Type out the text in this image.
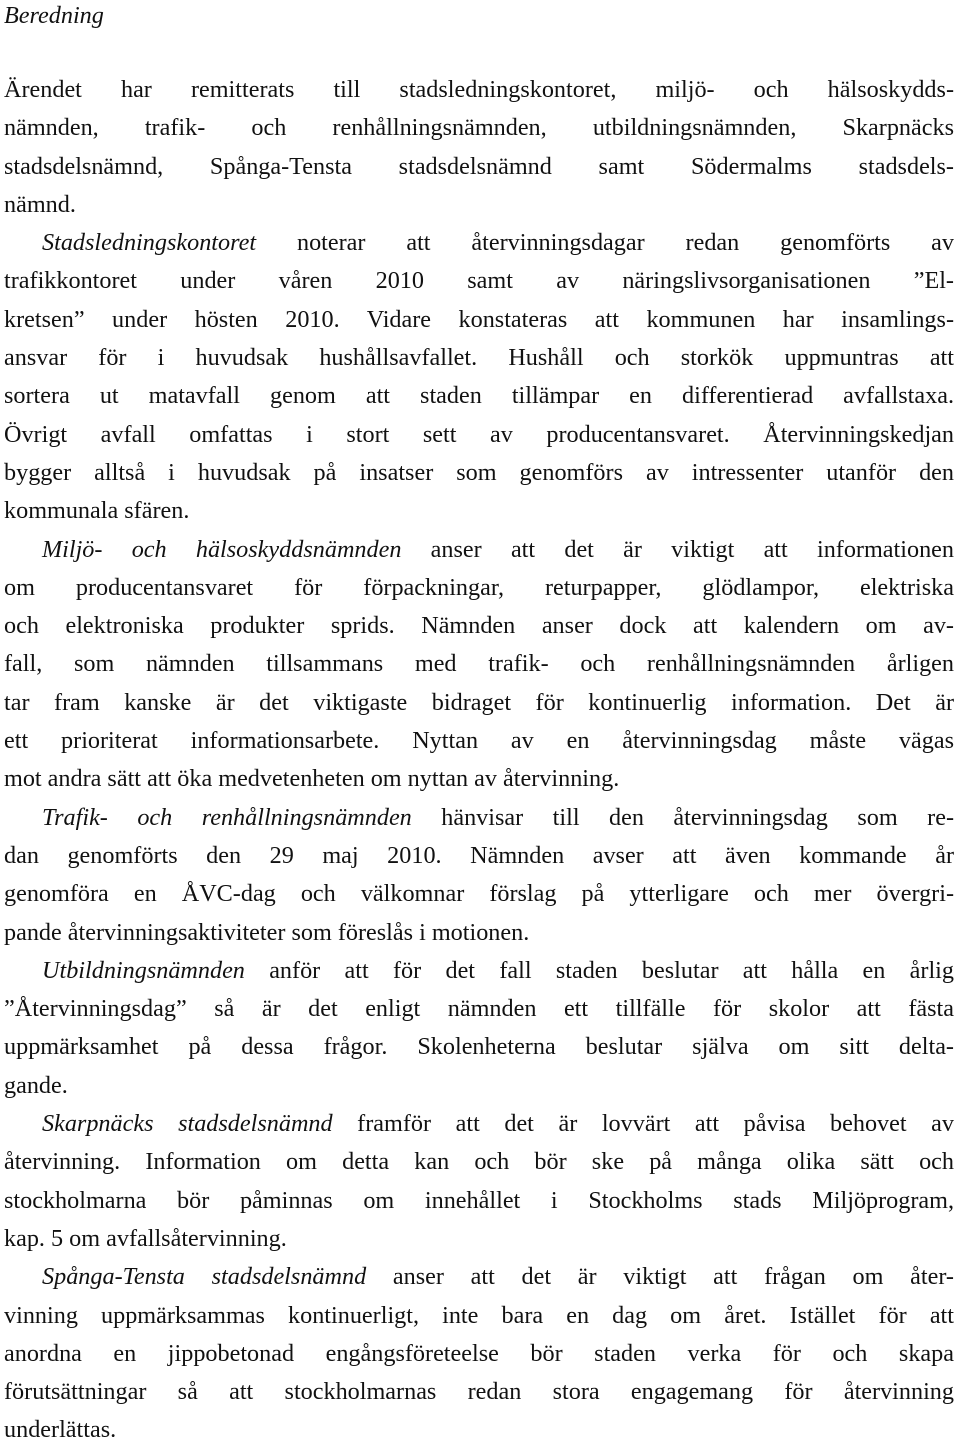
Beredning

Ärendet har remitterats till stadsledningskontoret, miljö- och hälsoskydds-
nämnden, trafik- och renhållningsnämnden, utbildningsnämnden, Skarpnäcks
stadsdelsnämnd, Spånga-Tensta stadsdelsnämnd samt Södermalms stadsdels-
nämnd.
Stadsledningskontoret noterar att återvinningsdagar redan genomförts av
trafikkontoret under våren 2010 samt av näringslivsorganisationen ”El-
kretsen” under hösten 2010. Vidare konstateras att kommunen har insamlings-
ansvar för i huvudsak hushållsavfallet. Hushåll och storkök uppmuntras att
sortera ut matavfall genom att staden tillämpar en differentierad avfallstaxa.
Övrigt avfall omfattas i stort sett av producentansvaret. Återvinningskedjan
bygger alltså i huvudsak på insatser som genomförs av intressenter utanför den
kommunala sfären.
Miljö- och hälsoskyddsnämnden anser att det är viktigt att informationen
om producentansvaret för förpackningar, returpapper, glödlampor, elektriska
och elektroniska produkter sprids. Nämnden anser dock att kalendern om av-
fall, som nämnden tillsammans med trafik- och renhållningsnämnden årligen
tar fram kanske är det viktigaste bidraget för kontinuerlig information. Det är
ett prioriterat informationsarbete. Nyttan av en återvinningsdag måste vägas
mot andra sätt att öka medvetenheten om nyttan av återvinning.
Trafik- och renhållningsnämnden hänvisar till den återvinningsdag som re-
dan genomförts den 29 maj 2010. Nämnden avser att även kommande år
genomföra en ÅVC-dag och välkomnar förslag på ytterligare och mer övergri-
pande återvinningsaktiviteter som föreslås i motionen.
Utbildningsnämnden anför att för det fall staden beslutar att hålla en årlig
”Återvinningsdag” så är det enligt nämnden ett tillfälle för skolor att fästa
uppmärksamhet på dessa frågor. Skolenheterna beslutar själva om sitt delta-
gande.
Skarpnäcks stadsdelsnämnd framför att det är lovvärt att påvisa behovet av
återvinning. Information om detta kan och bör ske på många olika sätt och
stockholmarna bör påminnas om innehållet i Stockholms stads Miljöprogram,
kap. 5 om avfallsåtervinning.
Spånga-Tensta stadsdelsnämnd anser att det är viktigt att frågan om åter-
vinning uppmärksammas kontinuerligt, inte bara en dag om året. Istället för att
anordna en jippobetonad engångsföreteelse bör staden verka för och skapa
förutsättningar så att stockholmarnas redan stora engagemang för återvinning
underlättas.
